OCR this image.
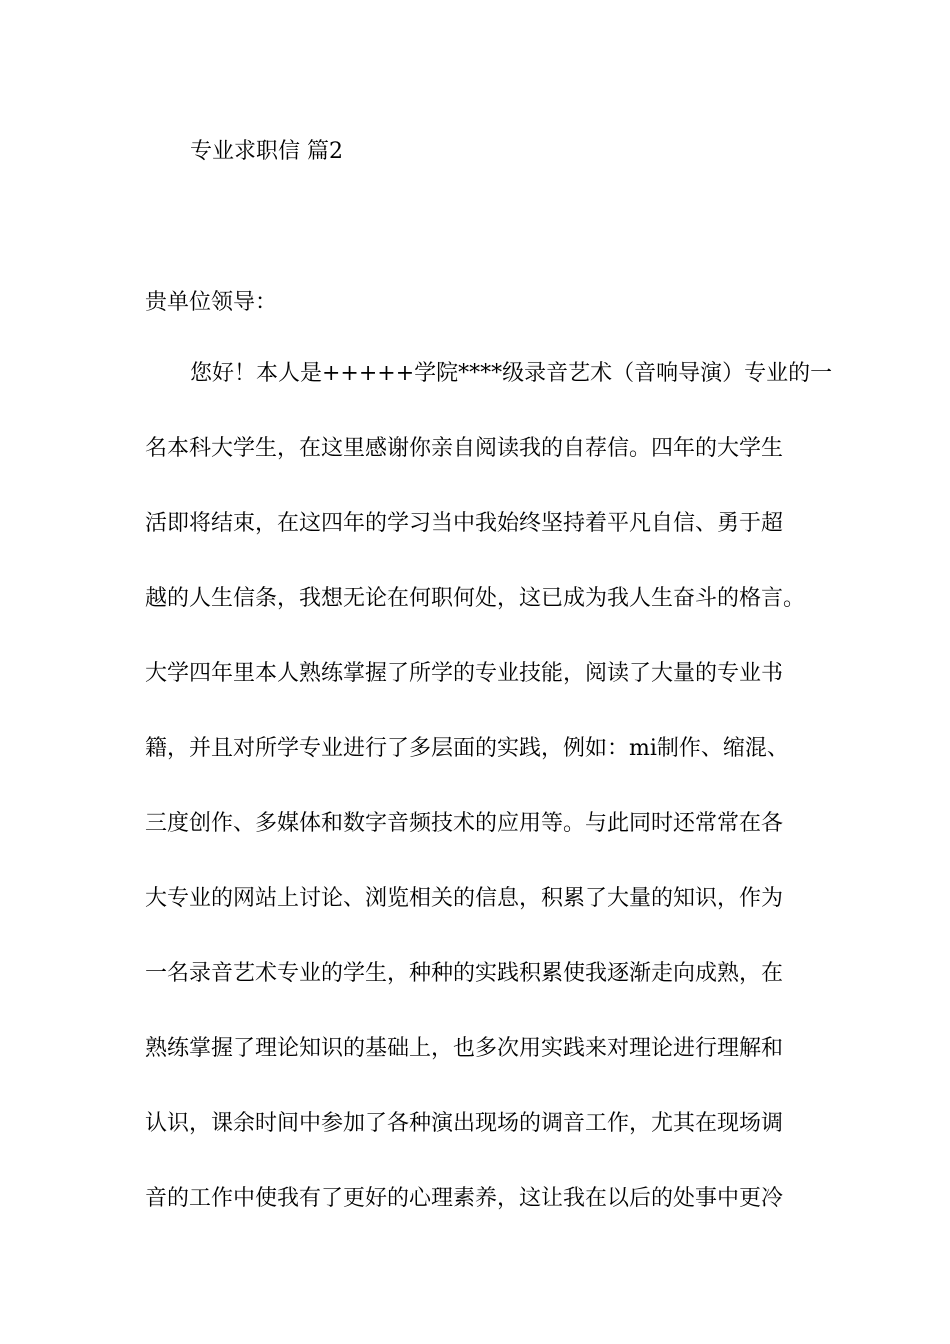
专业求职信 篇2
贵单位领导：
您好！本人是+++++学院****级录音艺术（音响导演）专业的一
名本科大学生，在这里感谢你亲自阅读我的自荐信。四年的大学生
活即将结束，在这四年的学习当中我始终坚持着平凡自信、勇于超
越的人生信条，我想无论在何职何处，这已成为我人生奋斗的格言。
大学四年里本人熟练掌握了所学的专业技能，阅读了大量的专业书
籍，并且对所学专业进行了多层面的实践，例如：mi制作、缩混、
三度创作、多媒体和数字音频技术的应用等。与此同时还常常在各
大专业的网站上讨论、浏览相关的信息，积累了大量的知识，作为
一名录音艺术专业的学生，种种的实践积累使我逐渐走向成熟，在
熟练掌握了理论知识的基础上，也多次用实践来对理论进行理解和
认识，课余时间中参加了各种演出现场的调音工作，尤其在现场调
音的工作中使我有了更好的心理素养，这让我在以后的处事中更冷
